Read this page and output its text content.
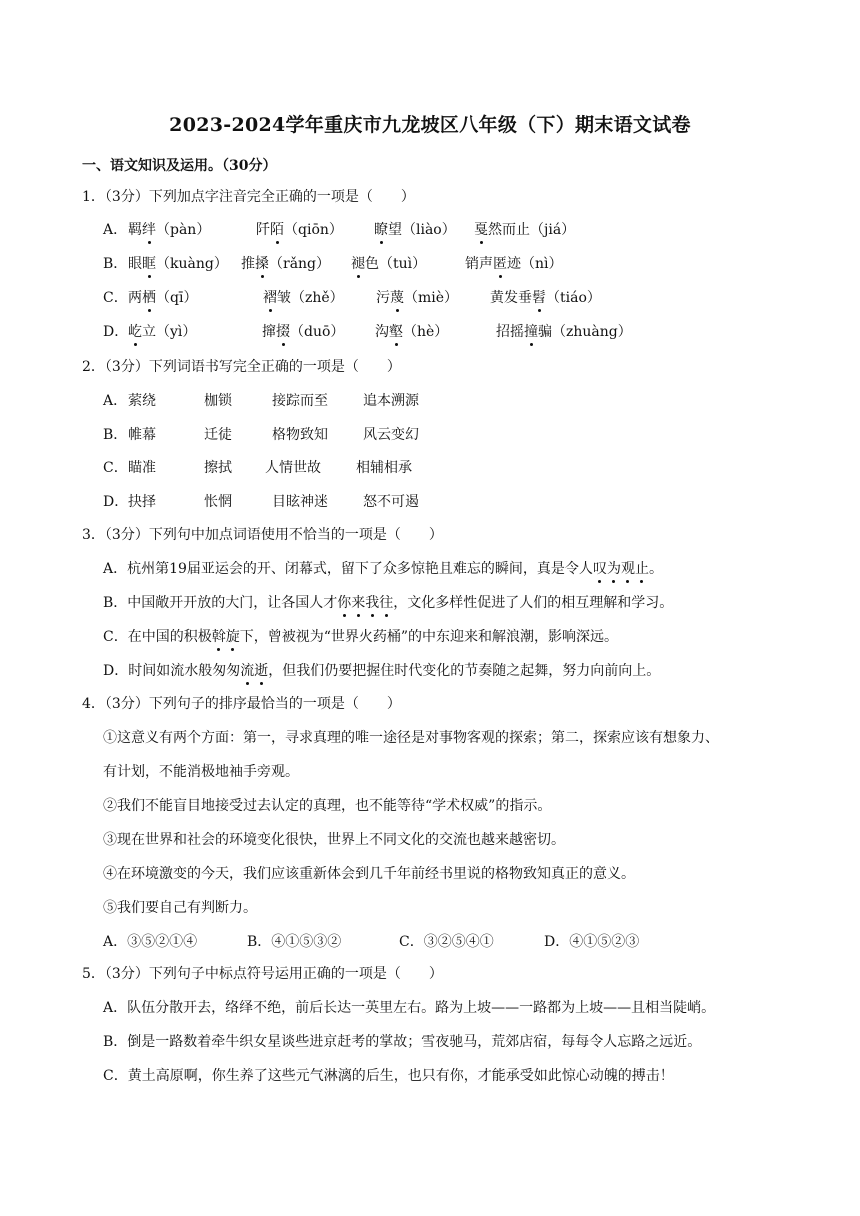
2023-2024学年重庆市九龙坡区八年级（下）期末语文试卷
一、语文知识及运用。（30分）
1．（3分）下列加点字注音完全正确的一项是（　　）
A． 羁绊（pàn）	阡陌（qiōn） 瞭望（liào） 戛然而止（jiá）
B． 眼眶（kuàng） 推搡（rǎng） 褪色（tuì）	销声匿迹（nì）
C． 两栖（qī）	褶皱（zhě） 污蔑（miè） 黄发垂髫（tiáo）
D． 屹立（yì）	撺掇（duō） 沟壑（hè）	招摇撞骗（zhuàng）
2．（3分）下列词语书写完全正确的一项是（　　）
A． 萦绕	枷锁	接踪而至	追本溯源
B． 帷幕	迁徒	格物致知	风云变幻
C． 瞄准	擦拭 人情世故	相辅相承
D． 抉择	怅惘	目眩神迷	怒不可遏
3．（3分）下列句中加点词语使用不恰当的一项是（　　）
A．杭州第19届亚运会的开、闭幕式，留下了众多惊艳且难忘的瞬间，真是令人叹为观止。
B．中国敞开开放的大门，让各国人才你来我往，文化多样性促进了人们的相互理解和学习。
C．在中国的积极斡旋下，曾被视为“世界火药桶”的中东迎来和解浪潮，影响深远。
D．时间如流水般匆匆流逝，但我们仍要把握住时代变化的节奏随之起舞，努力向前向上。
4．（3分）下列句子的排序最恰当的一项是（　　）
①这意义有两个方面：第一，寻求真理的唯一途径是对事物客观的探索；第二，探索应该有想象力、
有计划，不能消极地袖手旁观。
②我们不能盲目地接受过去认定的真理，也不能等待“学术权威”的指示。
③现在世界和社会的环境变化很快，世界上不同文化的交流也越来越密切。
④在环境激变的今天，我们应该重新体会到几千年前经书里说的格物致知真正的意义。
⑤我们要自己有判断力。
A．③⑤②①④	B．④①⑤③②	C．③②⑤④①	D．④①⑤②③
5．（3分）下列句子中标点符号运用正确的一项是（　　）
A．队伍分散开去，络绎不绝，前后长达一英里左右。路为上坡——一路都为上坡——且相当陡峭。
B．倒是一路数着牵牛织女星谈些进京赶考的掌故；雪夜驰马，荒郊店宿，每每令人忘路之远近。
C．黄土高原啊，你生养了这些元气淋漓的后生，也只有你，才能承受如此惊心动魄的搏击！
